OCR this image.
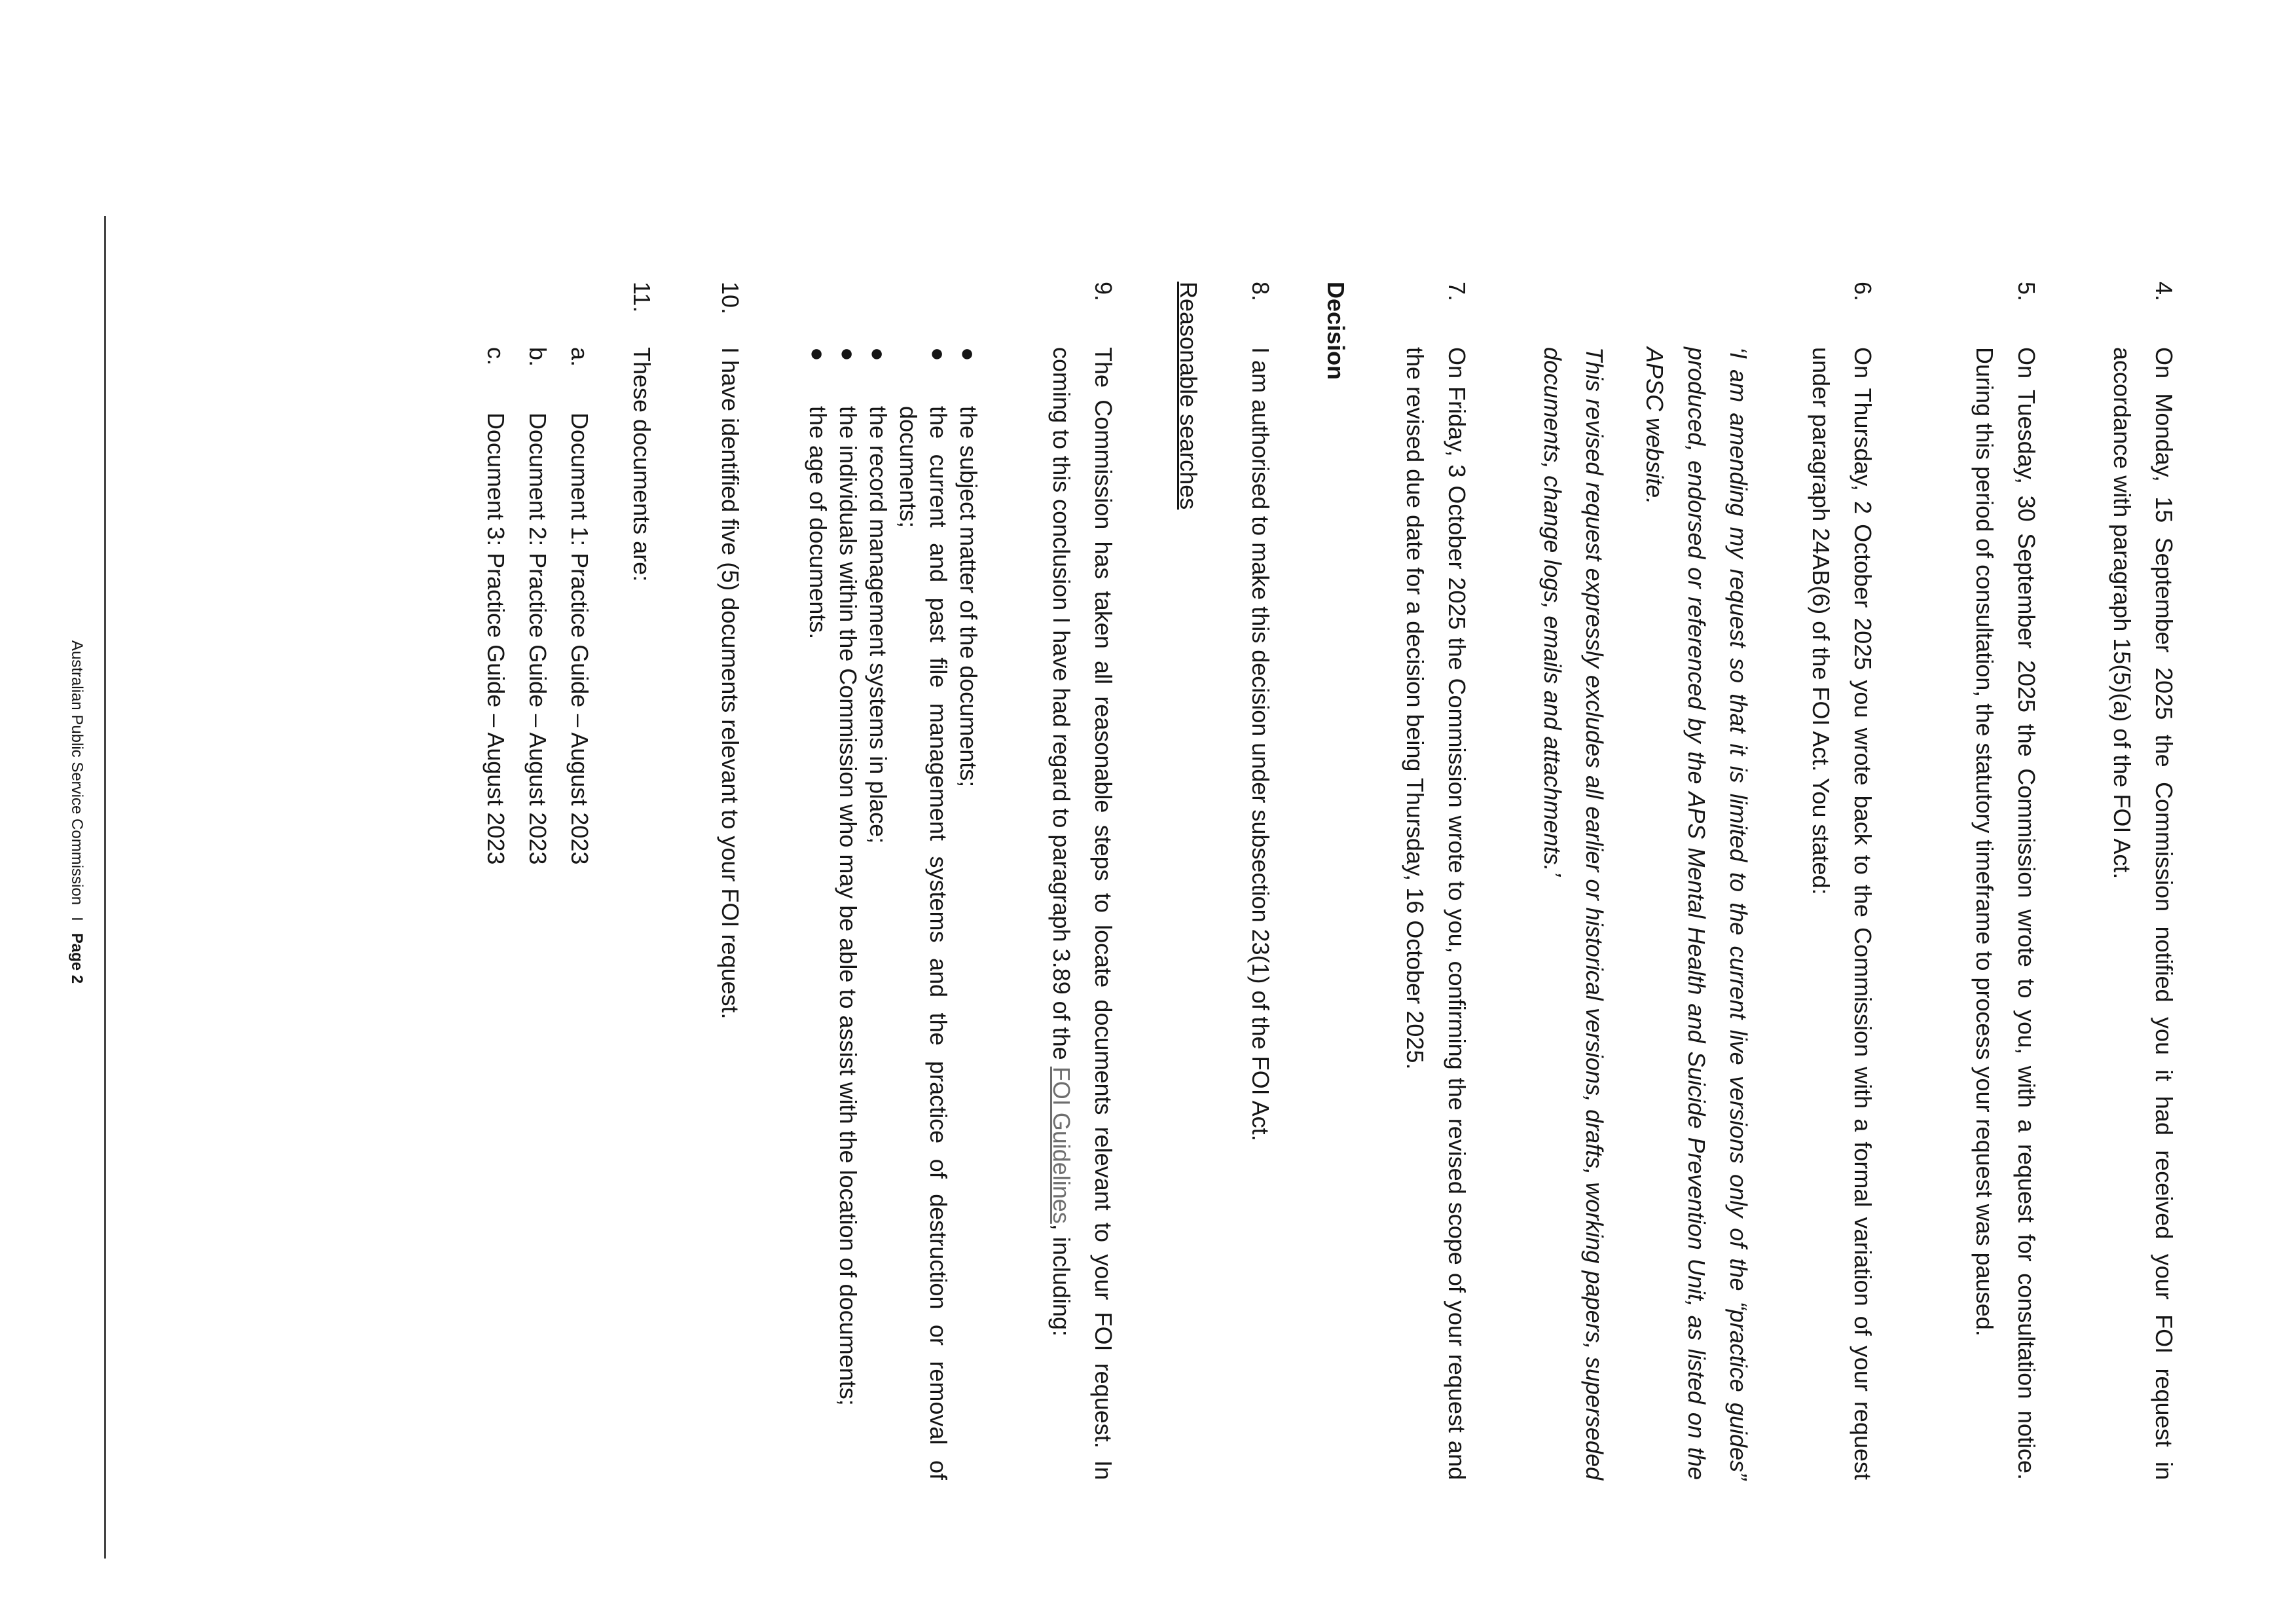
4.
On Monday, 15 September 2025 the Commission notified you it had received your FOI request in accordance with paragraph 15(5)(a) of the FOI Act.
5.
On Tuesday, 30 September 2025 the Commission wrote to you, with a request for consultation notice. During this period of consultation, the statutory timeframe to process your request was paused.
6.
On Thursday, 2 October 2025 you wrote back to the Commission with a formal variation of your request under paragraph 24AB(6) of the FOI Act. You stated:
‘I am amending my request so that it is limited to the current live versions only of the “practice guides” produced, endorsed or referenced by the APS Mental Health and Suicide Prevention Unit, as listed on the APSC website.
This revised request expressly excludes all earlier or historical versions, drafts, working papers, superseded documents, change logs, emails and attachments.’
7.
On Friday, 3 October 2025 the Commission wrote to you, confirming the revised scope of your request and the revised due date for a decision being Thursday, 16 October 2025.
Decision
8.
I am authorised to make this decision under subsection 23(1) of the FOI Act.
Reasonable searches
9.
The Commission has taken all reasonable steps to locate documents relevant to your FOI request. In coming to this conclusion I have had regard to paragraph 3.89 of the FOI Guidelines, including:
●
the subject matter of the documents;
●
the current and past file management systems and the practice of destruction or removal of documents;
●
the record management systems in place;
●
the individuals within the Commission who may be able to assist with the location of documents;
●
the age of documents.
10.
I have identified five (5) documents relevant to your FOI request.
11.
These documents are:
a.
Document 1: Practice Guide – August 2023
b.
Document 2: Practice Guide – August 2023
c.
Document 3: Practice Guide – August 2023
Australian Public Service CommissionIPage 2
